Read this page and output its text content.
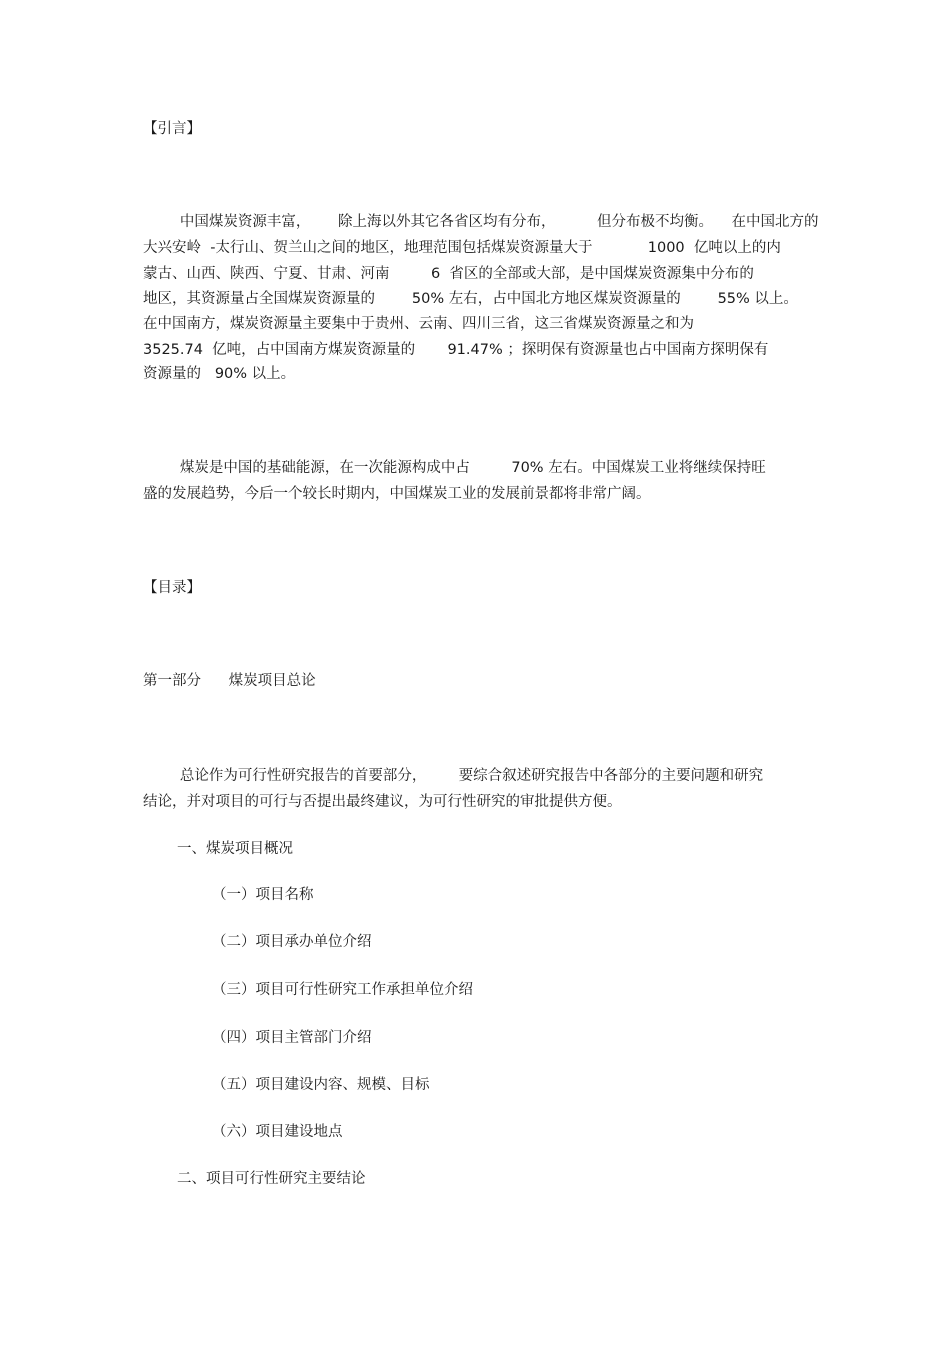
【引言】
中国煤炭资源丰富，      除上海以外其它各省区均有分布，         但分布极不均衡。    在中国北方的
大兴安岭  -太行山、贺兰山之间的地区，地理范围包括煤炭资源量大于            1000  亿吨以上的内
蒙古、山西、陕西、宁夏、甘肃、河南         6  省区的全部或大部，是中国煤炭资源集中分布的
地区，其资源量占全国煤炭资源量的        50% 左右，占中国北方地区煤炭资源量的        55% 以上。
在中国南方，煤炭资源量主要集中于贵州、云南、四川三省，这三省煤炭资源量之和为
3525.74  亿吨，占中国南方煤炭资源量的       91.47% ；探明保有资源量也占中国南方探明保有
资源量的   90% 以上。
煤炭是中国的基础能源，在一次能源构成中占         70% 左右。中国煤炭工业将继续保持旺
盛的发展趋势，今后一个较长时期内，中国煤炭工业的发展前景都将非常广阔。
【目录】
第一部分      煤炭项目总论
总论作为可行性研究报告的首要部分，       要综合叙述研究报告中各部分的主要问题和研究
结论，并对项目的可行与否提出最终建议，为可行性研究的审批提供方便。
一、煤炭项目概况
（一）项目名称
（二）项目承办单位介绍
（三）项目可行性研究工作承担单位介绍
（四）项目主管部门介绍
（五）项目建设内容、规模、目标
（六）项目建设地点
二、项目可行性研究主要结论
